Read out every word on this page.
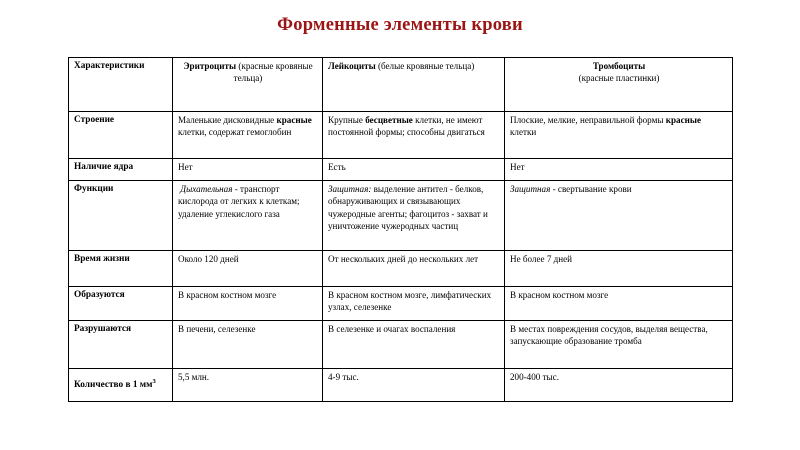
Форменные элементы крови
Характеристики	Эритроциты (красные кровяные тельца)	Лейкоциты (белые кровяные тельца)	Тромбоциты
(красные пластинки)
Строение	Маленькие дисковидные красные клетки, содержат гемоглобин	Крупные бесцветные клетки, не имеют постоянной формы; способны двигаться	Плоские, мелкие, неправильной формы красные клетки
Наличие ядра	Нет	Есть	Нет
Функции	Дыхательная - транспорт кислорода от легких к клеткам; удаление углекислого газа	Защитная: выделение антител - белков, обнаруживающих и связывающих чужеродные агенты; фагоцитоз - захват и уничтожение чужеродных частиц	Защитная - свертывание крови
Время жизни	Около 120 дней	От нескольких дней до нескольких лет	Не более 7 дней
Образуются	В красном костном мозге	В красном костном мозге, лимфатических узлах, селезенке	В красном костном мозге
Разрушаются	В печени, селезенке	В селезенке и очагах воспаления	В местах повреждения сосудов, выделяя вещества, запускающие образование тромба
Количество в 1 $мм^3$	5,5 млн.	4-9 тыс.	200-400 тыс.
